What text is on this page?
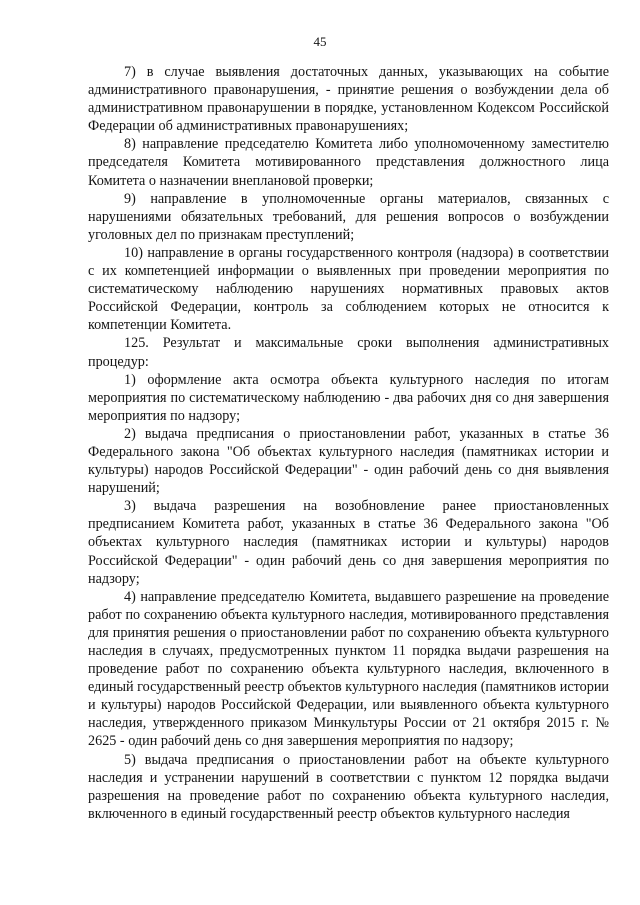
45

7) в случае выявления достаточных данных, указывающих на событие административного правонарушения, - принятие решения о возбуждении дела об административном правонарушении в порядке, установленном Кодексом Российской Федерации об административных правонарушениях;

8) направление председателю Комитета либо уполномоченному заместителю председателя Комитета мотивированного представления должностного лица Комитета о назначении внеплановой проверки;

9) направление в уполномоченные органы материалов, связанных с нарушениями обязательных требований, для решения вопросов о возбуждении уголовных дел по признакам преступлений;

10) направление в органы государственного контроля (надзора) в соответствии с их компетенцией информации о выявленных при проведении мероприятия по систематическому наблюдению нарушениях нормативных правовых актов Российской Федерации, контроль за соблюдением которых не относится к компетенции Комитета.

125. Результат и максимальные сроки выполнения административных процедур:

1) оформление акта осмотра объекта культурного наследия по итогам мероприятия по систематическому наблюдению - два рабочих дня со дня завершения мероприятия по надзору;

2) выдача предписания о приостановлении работ, указанных в статье 36 Федерального закона "Об объектах культурного наследия (памятниках истории и культуры) народов Российской Федерации" - один рабочий день со дня выявления нарушений;

3) выдача разрешения на возобновление ранее приостановленных предписанием Комитета работ, указанных в статье 36 Федерального закона "Об объектах культурного наследия (памятниках истории и культуры) народов Российской Федерации" - один рабочий день со дня завершения мероприятия по надзору;

4) направление председателю Комитета, выдавшего разрешение на проведение работ по сохранению объекта культурного наследия, мотивированного представления для принятия решения о приостановлении работ по сохранению объекта культурного наследия в случаях, предусмотренных пунктом 11 порядка выдачи разрешения на проведение работ по сохранению объекта культурного наследия, включенного в единый государственный реестр объектов культурного наследия (памятников истории и культуры) народов Российской Федерации, или выявленного объекта культурного наследия, утвержденного приказом Минкультуры России от 21 октября 2015 г. № 2625 - один рабочий день со дня завершения мероприятия по надзору;

5) выдача предписания о приостановлении работ на объекте культурного наследия и устранении нарушений в соответствии с пунктом 12 порядка выдачи разрешения на проведение работ по сохранению объекта культурного наследия, включенного в единый государственный реестр объектов культурного наследия
